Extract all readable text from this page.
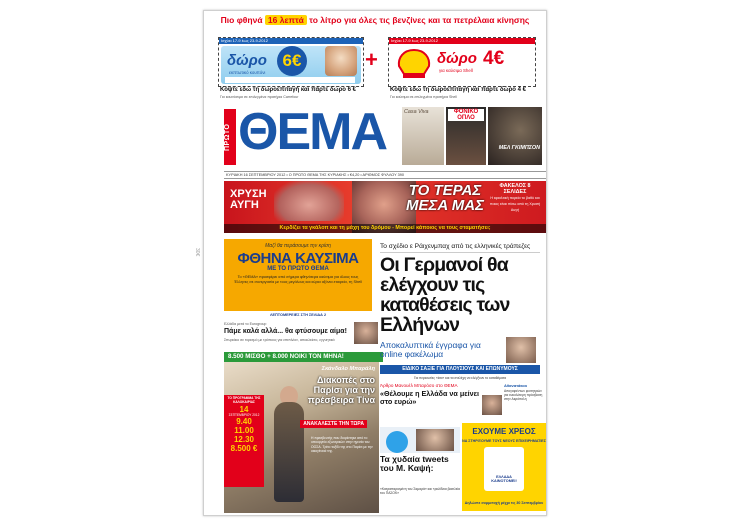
30€
Πιο φθηνά 16 λεπτά το λίτρο για όλες τις βενζίνες και τα πετρέλαια κίνησης
Ισχύει 17-9 έως 23-9-2012
δώρο
εκπτωτικό κουπόνι
6€	+
Ισχύει 17-9 έως 23-9-2012
δώρο 4€
για καύσιμα Shell
Κόψτε εδώ τη δωροεπιταγή και πάρτε δώρο 6 €
Για καυσόσιμα σε επιλεγμένα πρατήρια Carrefour
Κόψτε εδώ τη δωροεπιταγή και πάρτε δώρο 4 €
Για καύσιμα σε επιλεγμένα πρατήρια Shell
ΠΡΩΤΟ ΘΕΜΑ	Casa Viva	ΦΟΝΙΚΟ ΟΠΛΟ
ΜΕΛ ΓΚΙΜΠΣΟΝ
ΚΥΡΙΑΚΗ 16 ΣΕΠΤΕΜΒΡΙΟΥ 2012 • Ο ΠΡΩΤΟ ΘΕΜΑ ΤΗΣ ΚΥΡΙΑΚΗΣ • €4,20 • ΑΡΙΘΜΟΣ ΦΥΛΛΟΥ 390
ΧΡΥΣΗ ΑΥΓΗ
ΤΟ ΤΕΡΑΣ ΜΕΣΑ ΜΑΣ
ΦΑΚΕΛΟΣ 8 ΣΕΛΙΔΕΣ
Η εφιαλτική πορεία το βαθύ και ποιος είναι πίσω από τη Χρυσή Αυγή
Κερδίζει τα γκάλοπ και τη μάχη του δρόμου - Μπορεί κάποιος να τους σταματήσει;
Μαζί θα περάσουμε την κρίση
ΦΘΗΝΑ ΚΑΥΣΙΜΑ
ΜΕ ΤΟ ΠΡΩΤΟ ΘΕΜΑ
Το «ΘΕΜΑ» προσφέρει από σήμερα φθηνότερα καύσιμα για όλους τους Έλληνες σε συνεργασία με τους μεγάλους και κύρια αξόνια εταιρεία, τη Shell
ΛΕΠΤΟΜΕΡΕΙΕΣ ΣΤΗ ΣΕΛΙΔΑ 2
Ελλάδα μετά το Eurogroup
Πάμε καλά αλλά... θα φτύσουμε αίμα!
Σπυριάκο σε τορισμό με τρόπους για επιπλέον, αποκλείετο, εγγυητικά
8.500 ΜΙΣΘΟ + 8.000 ΝΟΙΚΙ ΤΟΝ ΜΗΝΑ!
Σκάνδαλο Μπαράλη
Διακοπές στο Παρίσι για την πρέσβειρα Τίνα
ΑΝΑΚΑΛΕΣΤΕ ΤΗΝ ΤΩΡΑ
Η πρεσβευτής που διορίστηκε από το υπουργείο εξωτερικών στην ηγεσία του ΟΟΣΑ. Τρίτο ταξίδι της στο Παρίσι με την οικογένειά της.
ΤΟ ΠΡΟΓΡΑΜΜΑ ΤΗΣ ΚΑΛΟΚΑΙΡΙΑΣ
14
ΣΕΠΤΕΜΒΡΙΟΥ 2012
9.40
11.00
12.30
8.500 €
Το σχέδιο ε Ράιχενμπαχ από τις ελληνικές τράπεζες
Οι Γερμανοί θα ελέγχουν τις καταθέσεις των Ελλήνων
Αποκαλυπτικά έγγραφα για online φακέλωμα
ΕΙΔΙΚΟ ΣΑΞΙΕ ΓΙΑ ΠΛΟΥΣΙΟΥΣ ΚΑΙ ΕΠΩΝΥΜΟΥΣ
Για περιουσίες «ίσα» και τα στελέχη να ελέγξουν το καταθέματα
Άρθρο Μανουέλ Μπαρόσο στο ΘΕΜΑ
«Θέλουμε η Ελλάδα να μείνει στο ευρώ»
Αθανατάκου
Απογαιρέντων φοιτητριών για ευκολότερη πρόσβαση στην Ακρόπολη
Τα χυδαία tweets του Μ. Καψή:
«Κατραπαρισμένη του Σαμαρά» και «ραλίδεια βασιλεία του ΠΑΣΟΚ»
ΕΧΟΥΜΕ ΧΡΕΟΣ
ΝΑ ΣΤΗΡΙΞΟΥΜΕ ΤΟΥΣ ΝΕΟΥΣ ΕΠΙΧΕΙΡΗΜΑΤΙΕΣ
ΕΛΛΑΔΑ ΚΑΙΝΟΤΟΜΕΙ!
Δηλώστε συμμετοχή μέχρι τις 30 Σεπτεμβρίου
